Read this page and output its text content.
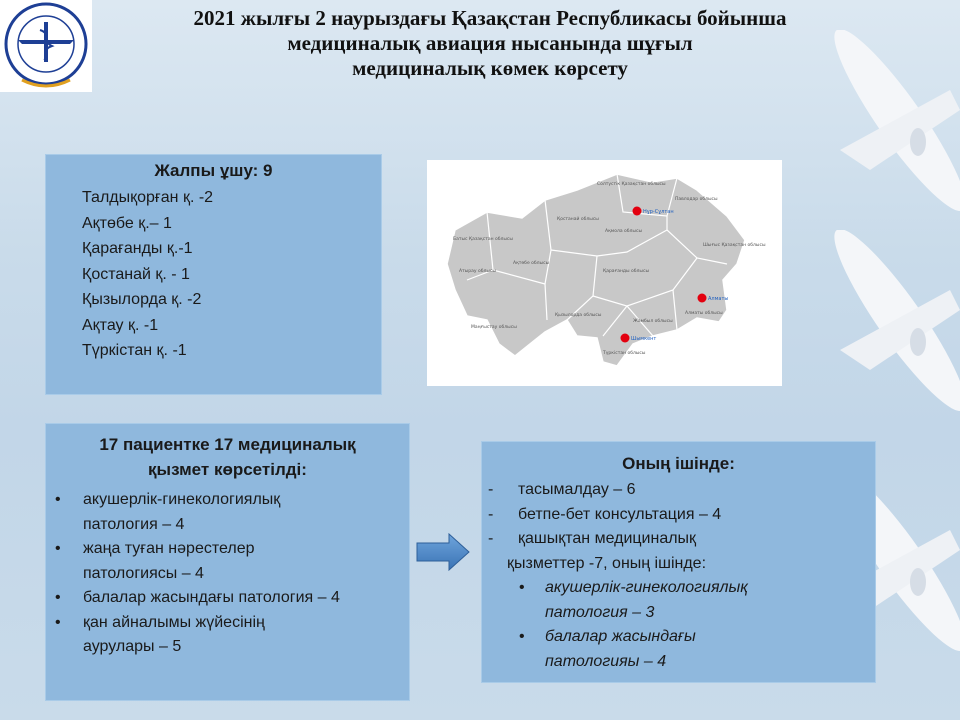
2021 жылғы 2 наурыздағы Қазақстан Республикасы бойынша
медициналық авиация нысанында шұғыл
медициналық көмек көрсету
Жалпы ұшу: 9
Талдықорған қ. -2
Ақтөбе қ.– 1
Қарағанды қ.-1
Қостанай қ. - 1
Қызылорда қ. -2
Ақтау қ. -1
Түркістан қ. -1
Солтүстік Қазақстан облысы
Қостанай облысы
Ақмола облысы
Павлодар облысы
Батыс Қазақстан облысы
Ақтөбе облысы
Атырау облысы	Қарағанды облысы
Шығыс Қазақстан облысы
Маңғыстау облысы
Қызылорда облысы
Жамбыл облысы
Алматы облысы
Түркістан облысы
Нұр-Сұлтан
Алматы
Шымкент
17 пациентке 17 медициналық
қызмет көрсетілді:
•	акушерлік-гинекологиялық
патология – 4
•	жаңа туған нәрестелер
патологиясы – 4
•	балалар жасындағы патология – 4
•	қан айналымы жүйесінің
аурулары – 5
Оның ішінде:
-	тасымалдау – 6
-	бетпе-бет консультация – 4
-	қашықтан медициналық
қызметтер -7, оның ішінде:
•	акушерлік-гинекологиялық
патология – 3
•	балалар жасындағы
патологияы – 4
